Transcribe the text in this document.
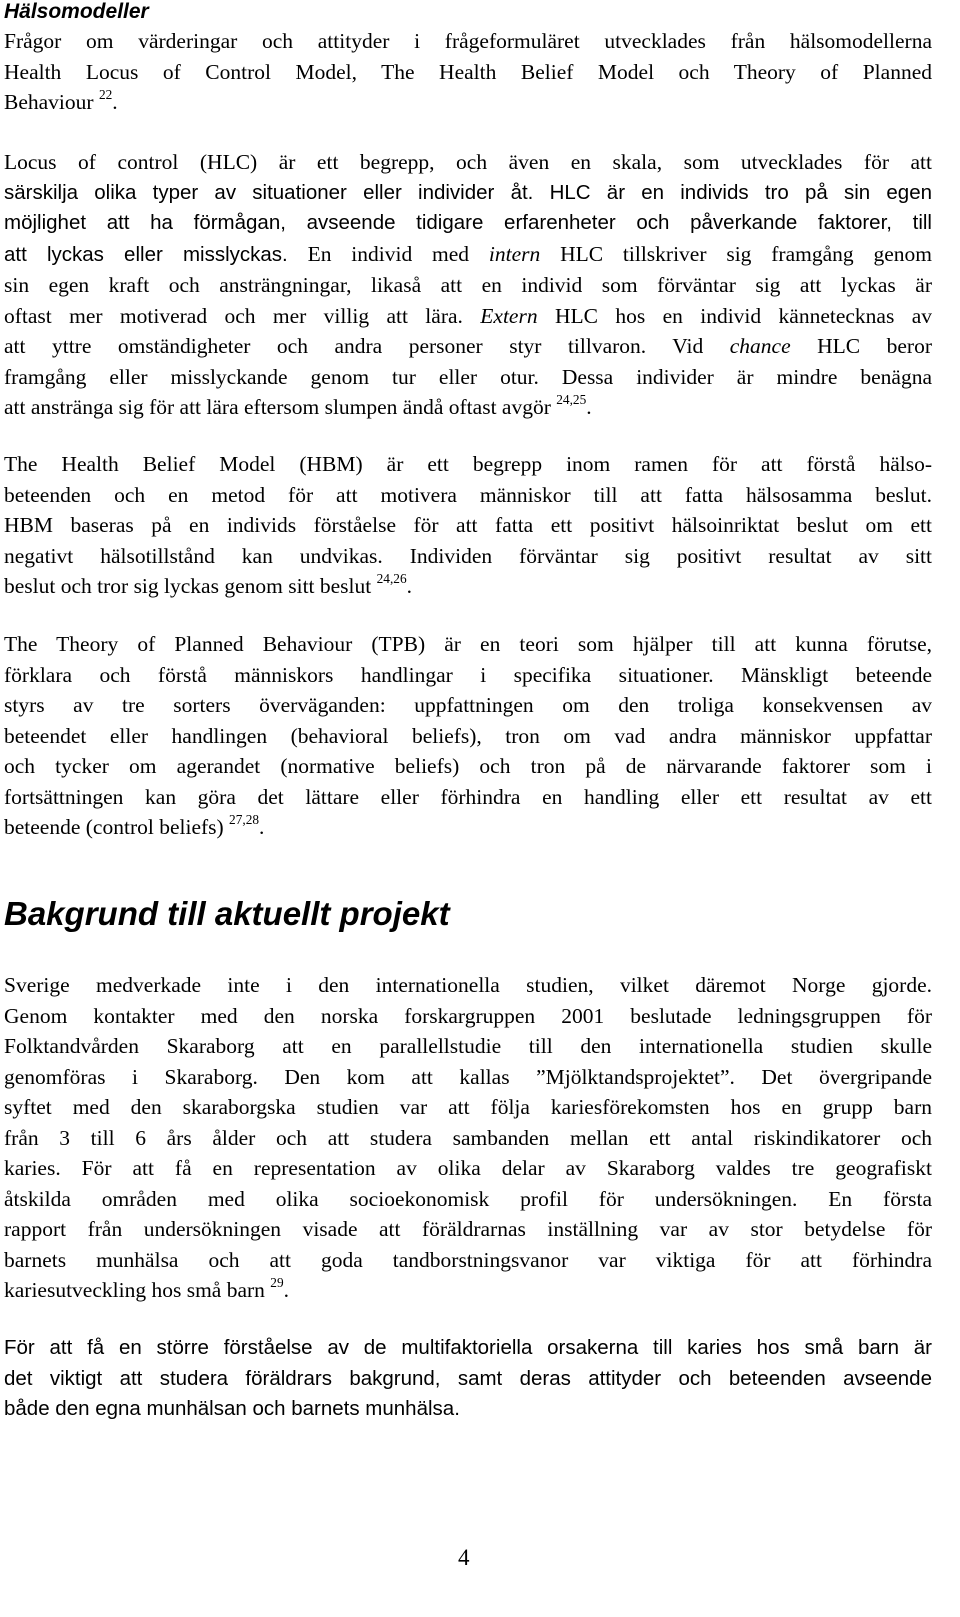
Hälsomodeller
Frågor om värderingar och attityder i frågeformuläret utvecklades från hälsomodellerna
Health Locus of Control Model, The Health Belief Model och Theory of Planned
Behaviour $^{22}$.
Locus of control (HLC) är ett begrepp, och även en skala, som utvecklades för att
särskilja olika typer av situationer eller individer åt. HLC är en individs tro på sin egen
möjlighet att ha förmågan, avseende tidigare erfarenheter och påverkande faktorer, till
att lyckas eller misslyckas. En individ med intern HLC tillskriver sig framgång genom
sin egen kraft och ansträngningar, likaså att en individ som förväntar sig att lyckas är
oftast mer motiverad och mer villig att lära. Extern HLC hos en individ kännetecknas av
att yttre omständigheter och andra personer styr tillvaron. Vid chance HLC beror
framgång eller misslyckande genom tur eller otur. Dessa individer är mindre benägna
att anstränga sig för att lära eftersom slumpen ändå oftast avgör $^{24,25}$.
The Health Belief Model (HBM) är ett begrepp inom ramen för att förstå hälso-
beteenden och en metod för att motivera människor till att fatta hälsosamma beslut.
HBM baseras på en individs förståelse för att fatta ett positivt hälsoinriktat beslut om ett
negativt hälsotillstånd kan undvikas. Individen förväntar sig positivt resultat av sitt
beslut och tror sig lyckas genom sitt beslut $^{24,26}$.
The Theory of Planned Behaviour (TPB) är en teori som hjälper till att kunna förutse,
förklara och förstå människors handlingar i specifika situationer. Mänskligt beteende
styrs av tre sorters överväganden: uppfattningen om den troliga konsekvensen av
beteendet eller handlingen (behavioral beliefs), tron om vad andra människor uppfattar
och tycker om agerandet (normative beliefs) och tron på de närvarande faktorer som i
fortsättningen kan göra det lättare eller förhindra en handling eller ett resultat av ett
beteende (control beliefs) $^{27,28}$.
Bakgrund till aktuellt projekt
Sverige medverkade inte i den internationella studien, vilket däremot Norge gjorde.
Genom kontakter med den norska forskargruppen 2001 beslutade ledningsgruppen för
Folktandvården Skaraborg att en parallellstudie till den internationella studien skulle
genomföras i Skaraborg. Den kom att kallas ”Mjölktandsprojektet”. Det övergripande
syftet med den skaraborgska studien var att följa kariesförekomsten hos en grupp barn
från 3 till 6 års ålder och att studera sambanden mellan ett antal riskindikatorer och
karies. För att få en representation av olika delar av Skaraborg valdes tre geografiskt
åtskilda områden med olika socioekonomisk profil för undersökningen. En första
rapport från undersökningen visade att föräldrarnas inställning var av stor betydelse för
barnets munhälsa och att goda tandborstningsvanor var viktiga för att förhindra
kariesutveckling hos små barn $^{29}$.
För att få en större förståelse av de multifaktoriella orsakerna till karies hos små barn är
det viktigt att studera föräldrars bakgrund, samt deras attityder och beteenden avseende
både den egna munhälsan och barnets munhälsa.
4
